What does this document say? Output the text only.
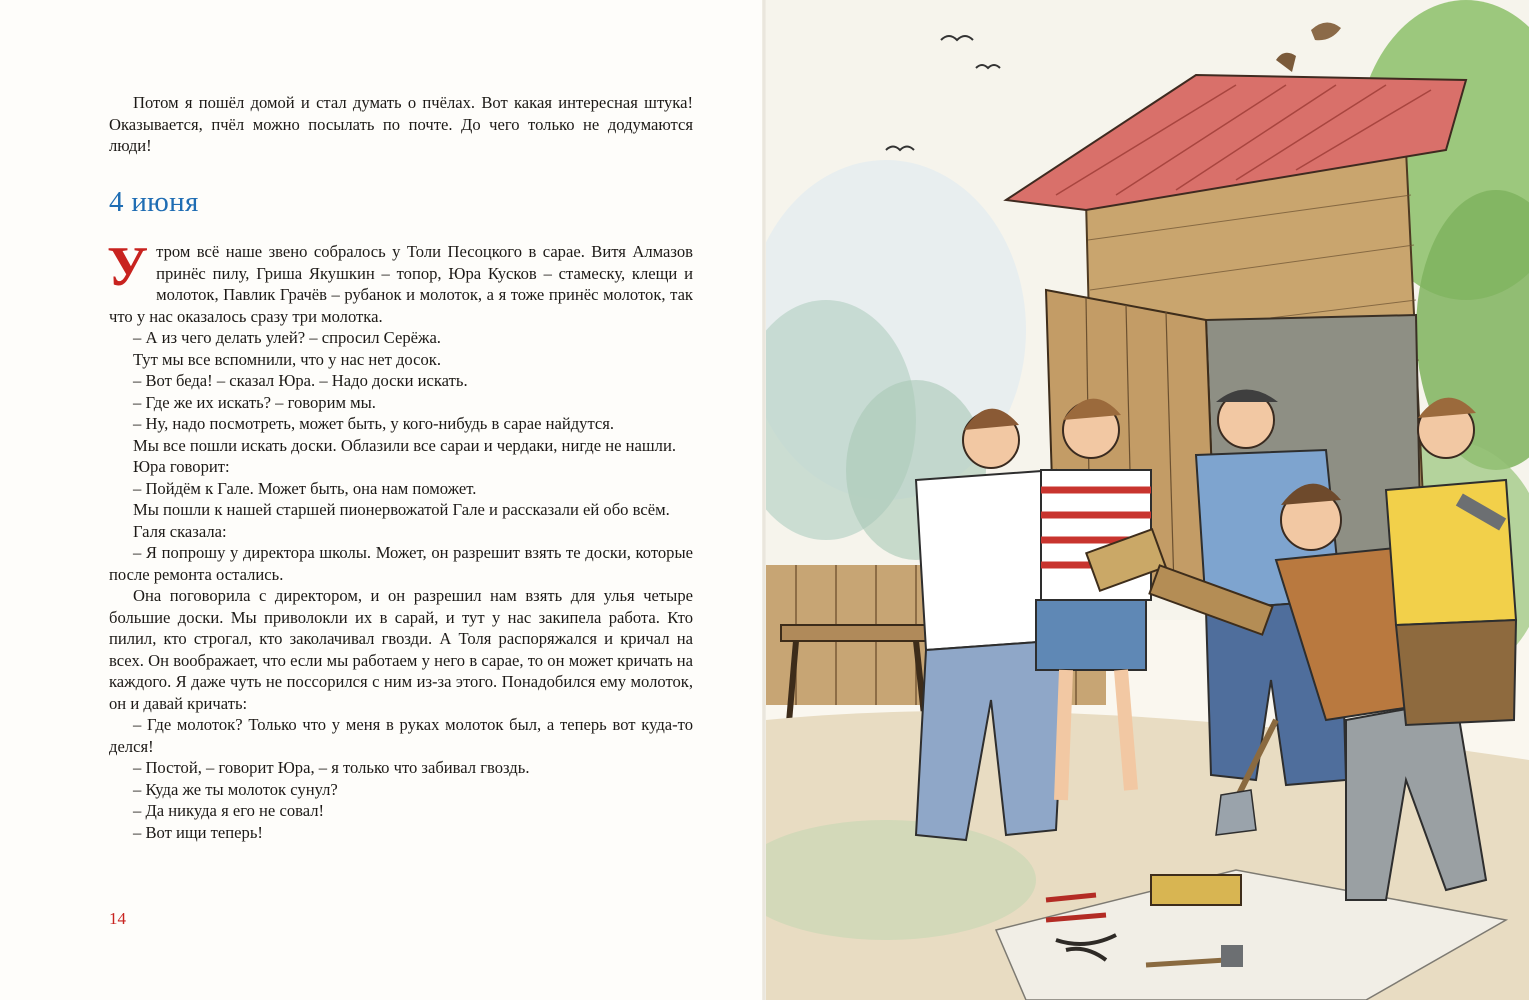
Потом я пошёл домой и стал думать о пчёлах. Вот какая интересная штука! Оказывается, пчёл можно посылать по почте. До чего только не додумаются люди!

4 июня

Утром всё наше звено собралось у Толи Песоцкого в сарае. Витя Алмазов принёс пилу, Гриша Якушкин – топор, Юра Кусков – стамеску, клещи и молоток, Павлик Грачёв – рубанок и молоток, а я тоже принёс молоток, так что у нас оказалось сразу три молотка.

– А из чего делать улей? – спросил Серёжа.

Тут мы все вспомнили, что у нас нет досок.

– Вот беда! – сказал Юра. – Надо доски искать.

– Где же их искать? – говорим мы.

– Ну, надо посмотреть, может быть, у кого-нибудь в сарае найдутся.

Мы все пошли искать доски. Облазили все сараи и чердаки, нигде не нашли.

Юра говорит:

– Пойдём к Гале. Может быть, она нам поможет.

Мы пошли к нашей старшей пионервожатой Гале и рассказали ей обо всём.

Галя сказала:

– Я попрошу у директора школы. Может, он разрешит взять те доски, которые после ремонта остались.

Она поговорила с директором, и он разрешил нам взять для улья четыре большие доски. Мы приволокли их в сарай, и тут у нас закипела работа. Кто пилил, кто строгал, кто заколачивал гвозди. А Толя распоряжался и кричал на всех. Он воображает, что если мы работаем у него в сарае, то он может кричать на каждого. Я даже чуть не поссорился с ним из-за этого. Понадобился ему молоток, он и давай кричать:

– Где молоток? Только что у меня в руках молоток был, а теперь вот куда-то делся!

– Постой, – говорит Юра, – я только что забивал гвоздь.

– Куда же ты молоток сунул?

– Да никуда я его не совал!

– Вот ищи теперь!

14
